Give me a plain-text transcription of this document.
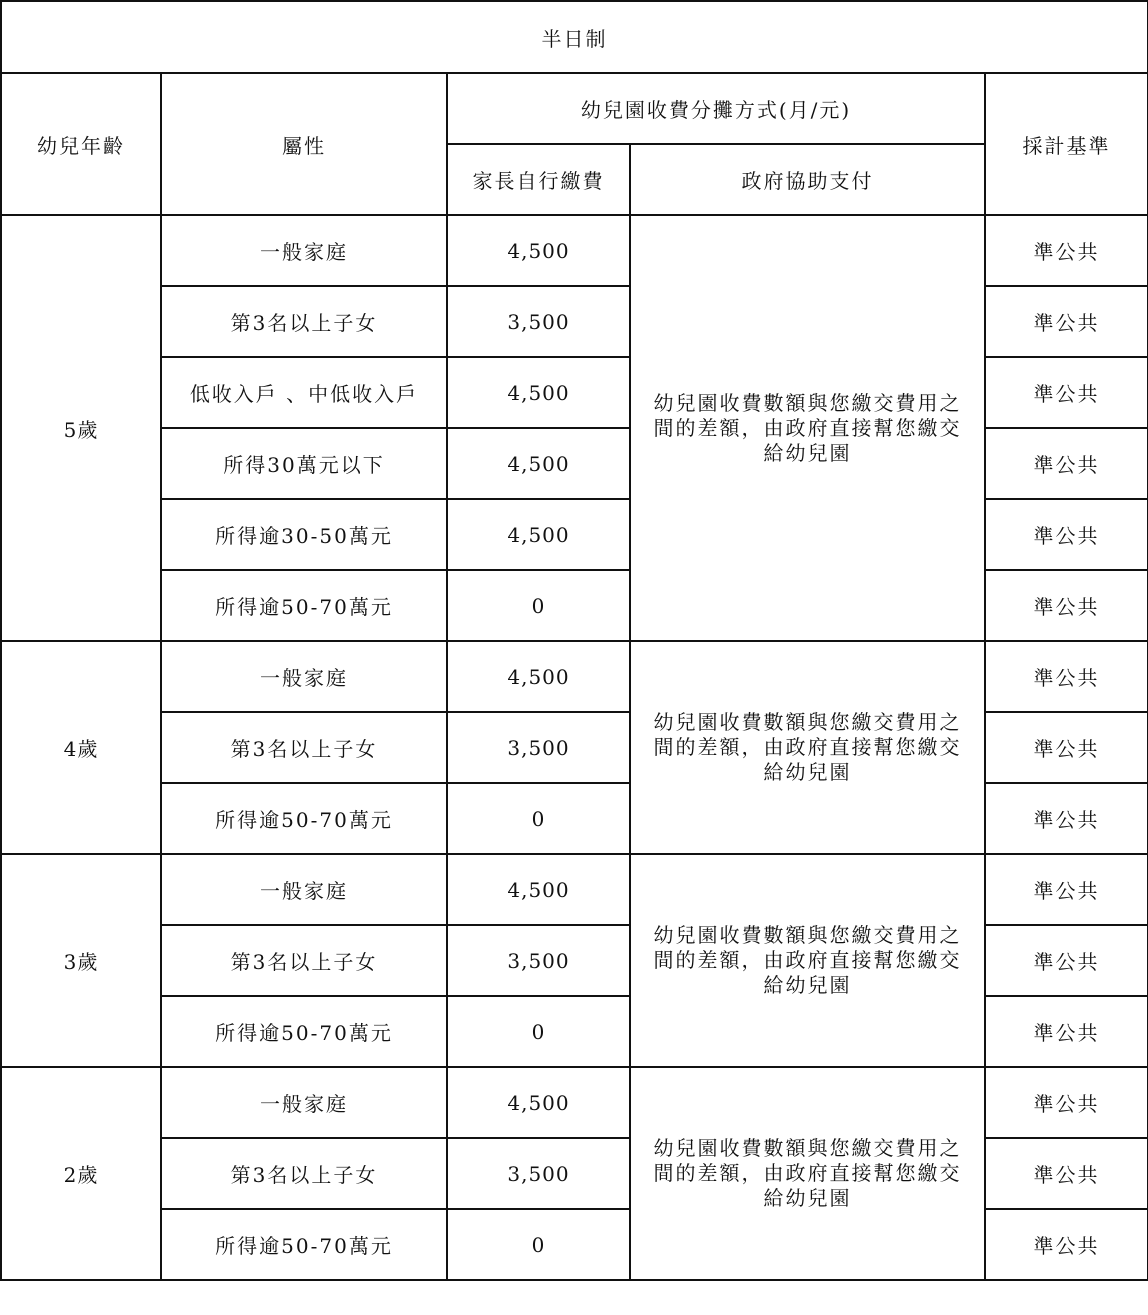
半日制				
幼兒年齡	屬性	幼兒園收費分攤方式(月/元)		採計基準
		家長自行繳費	政府協助支付	
5歲	一般家庭	4,500	幼兒園收費數額與您繳交費用之間的差額，由政府直接幫您繳交給幼兒園	準公共
	第3名以上子女	3,500		準公共
	低收入戶 、中低收入戶	4,500		準公共
	所得30萬元以下	4,500		準公共
	所得逾30-50萬元	4,500		準公共
	所得逾50-70萬元	0		準公共
4歲	一般家庭	4,500	幼兒園收費數額與您繳交費用之間的差額，由政府直接幫您繳交給幼兒園	準公共
	第3名以上子女	3,500		準公共
	所得逾50-70萬元	0		準公共
3歲	一般家庭	4,500	幼兒園收費數額與您繳交費用之間的差額，由政府直接幫您繳交給幼兒園	準公共
	第3名以上子女	3,500		準公共
	所得逾50-70萬元	0		準公共
2歲	一般家庭	4,500	幼兒園收費數額與您繳交費用之間的差額，由政府直接幫您繳交給幼兒園	準公共
	第3名以上子女	3,500		準公共
	所得逾50-70萬元	0		準公共
